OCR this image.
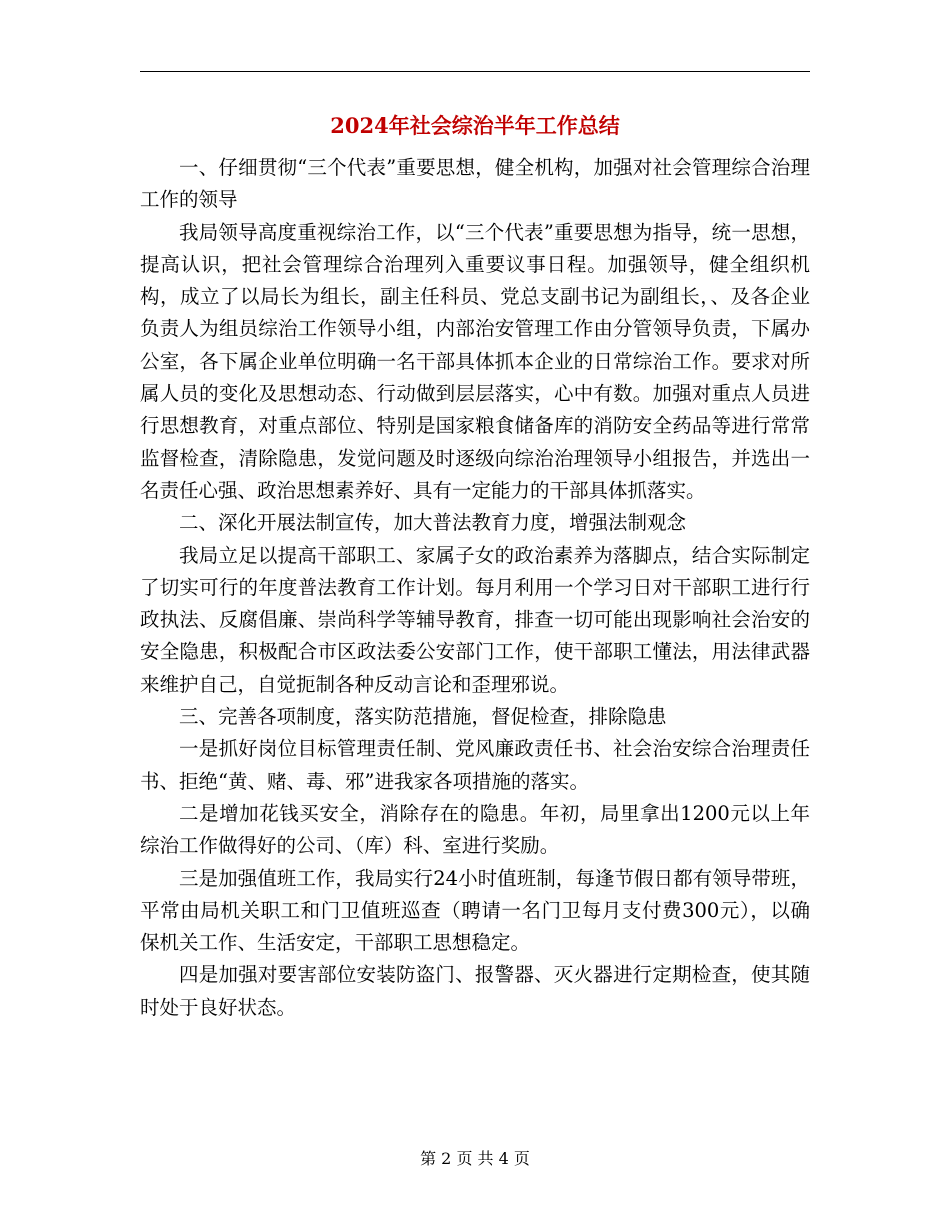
2024年社会综治半年工作总结

一、仔细贯彻“三个代表”重要思想，健全机构，加强对社会管理综合治理工作的领导

我局领导高度重视综治工作，以“三个代表”重要思想为指导，统一思想，提高认识，把社会管理综合治理列入重要议事日程。加强领导，健全组织机构，成立了以局长为组长，副主任科员、党总支副书记为副组长，、及各企业负责人为组员综治工作领导小组，内部治安管理工作由分管领导负责，下属办公室，各下属企业单位明确一名干部具体抓本企业的日常综治工作。要求对所属人员的变化及思想动态、行动做到层层落实，心中有数。加强对重点人员进行思想教育，对重点部位、特别是国家粮食储备库的消防安全药品等进行常常监督检查，清除隐患，发觉问题及时逐级向综治治理领导小组报告，并选出一名责任心强、政治思想素养好、具有一定能力的干部具体抓落实。

二、深化开展法制宣传，加大普法教育力度，增强法制观念

我局立足以提高干部职工、家属子女的政治素养为落脚点，结合实际制定了切实可行的年度普法教育工作计划。每月利用一个学习日对干部职工进行行政执法、反腐倡廉、崇尚科学等辅导教育，排查一切可能出现影响社会治安的安全隐患，积极配合市区政法委公安部门工作，使干部职工懂法，用法律武器来维护自己，自觉扼制各种反动言论和歪理邪说。

三、完善各项制度，落实防范措施，督促检查，排除隐患

一是抓好岗位目标管理责任制、党风廉政责任书、社会治安综合治理责任书、拒绝“黄、赌、毒、邪”进我家各项措施的落实。

二是增加花钱买安全，消除存在的隐患。年初，局里拿出1200元以上年综治工作做得好的公司、（库）科、室进行奖励。

三是加强值班工作，我局实行24小时值班制，每逢节假日都有领导带班，平常由局机关职工和门卫值班巡查（聘请一名门卫每月支付费300元），以确保机关工作、生活安定，干部职工思想稳定。

四是加强对要害部位安装防盗门、报警器、灭火器进行定期检查，使其随时处于良好状态。

第 2 页 共 4 页
